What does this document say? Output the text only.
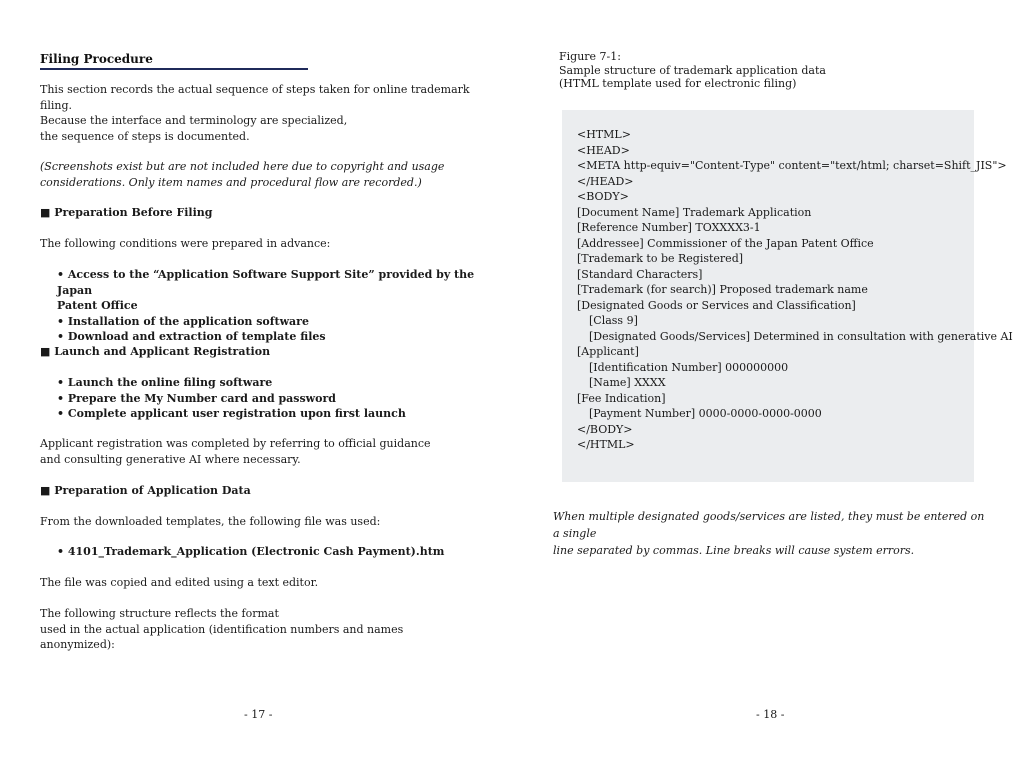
Filing Procedure

This section records the actual sequence of steps taken for online trademark filing.

Because the interface and terminology are specialized,
the sequence of steps is documented.

(Screenshots exist but are not included here due to copyright and usage
considerations. Only item names and procedural flow are recorded.)

■ Preparation Before Filing

The following conditions were prepared in advance:

• Access to the “Application Software Support Site” provided by the Japan
Patent Office
• Installation of the application software
• Download and extraction of template files

■ Launch and Applicant Registration

• Launch the online filing software
• Prepare the My Number card and password
• Complete applicant user registration upon first launch

Applicant registration was completed by referring to official guidance
and consulting generative AI where necessary.

■ Preparation of Application Data

From the downloaded templates, the following file was used:

• 4101_Trademark_Application (Electronic Cash Payment).htm

The file was copied and edited using a text editor.

The following structure reflects the format
used in the actual application (identification numbers and names anonymized):

- 17 -
Figure 7-1:
Sample structure of trademark application data
(HTML template used for electronic filing)
<HTML>
<HEAD>
<META http-equiv="Content-Type" content="text/html; charset=Shift_JIS">
</HEAD>
<BODY>
[Document Name] Trademark Application
[Reference Number] TOXXXX3-1
[Addressee] Commissioner of the Japan Patent Office
[Trademark to be Registered]
[Standard Characters]
[Trademark (for search)] Proposed trademark name
[Designated Goods or Services and Classification]
[Class 9]
[Designated Goods/Services] Determined in consultation with generative AI
[Applicant]
[Identification Number] 000000000
[Name] XXXX
[Fee Indication]
[Payment Number] 0000-0000-0000-0000
</BODY>
</HTML>
When multiple designated goods/services are listed, they must be entered on a single
line separated by commas. Line breaks will cause system errors.
- 18 -
